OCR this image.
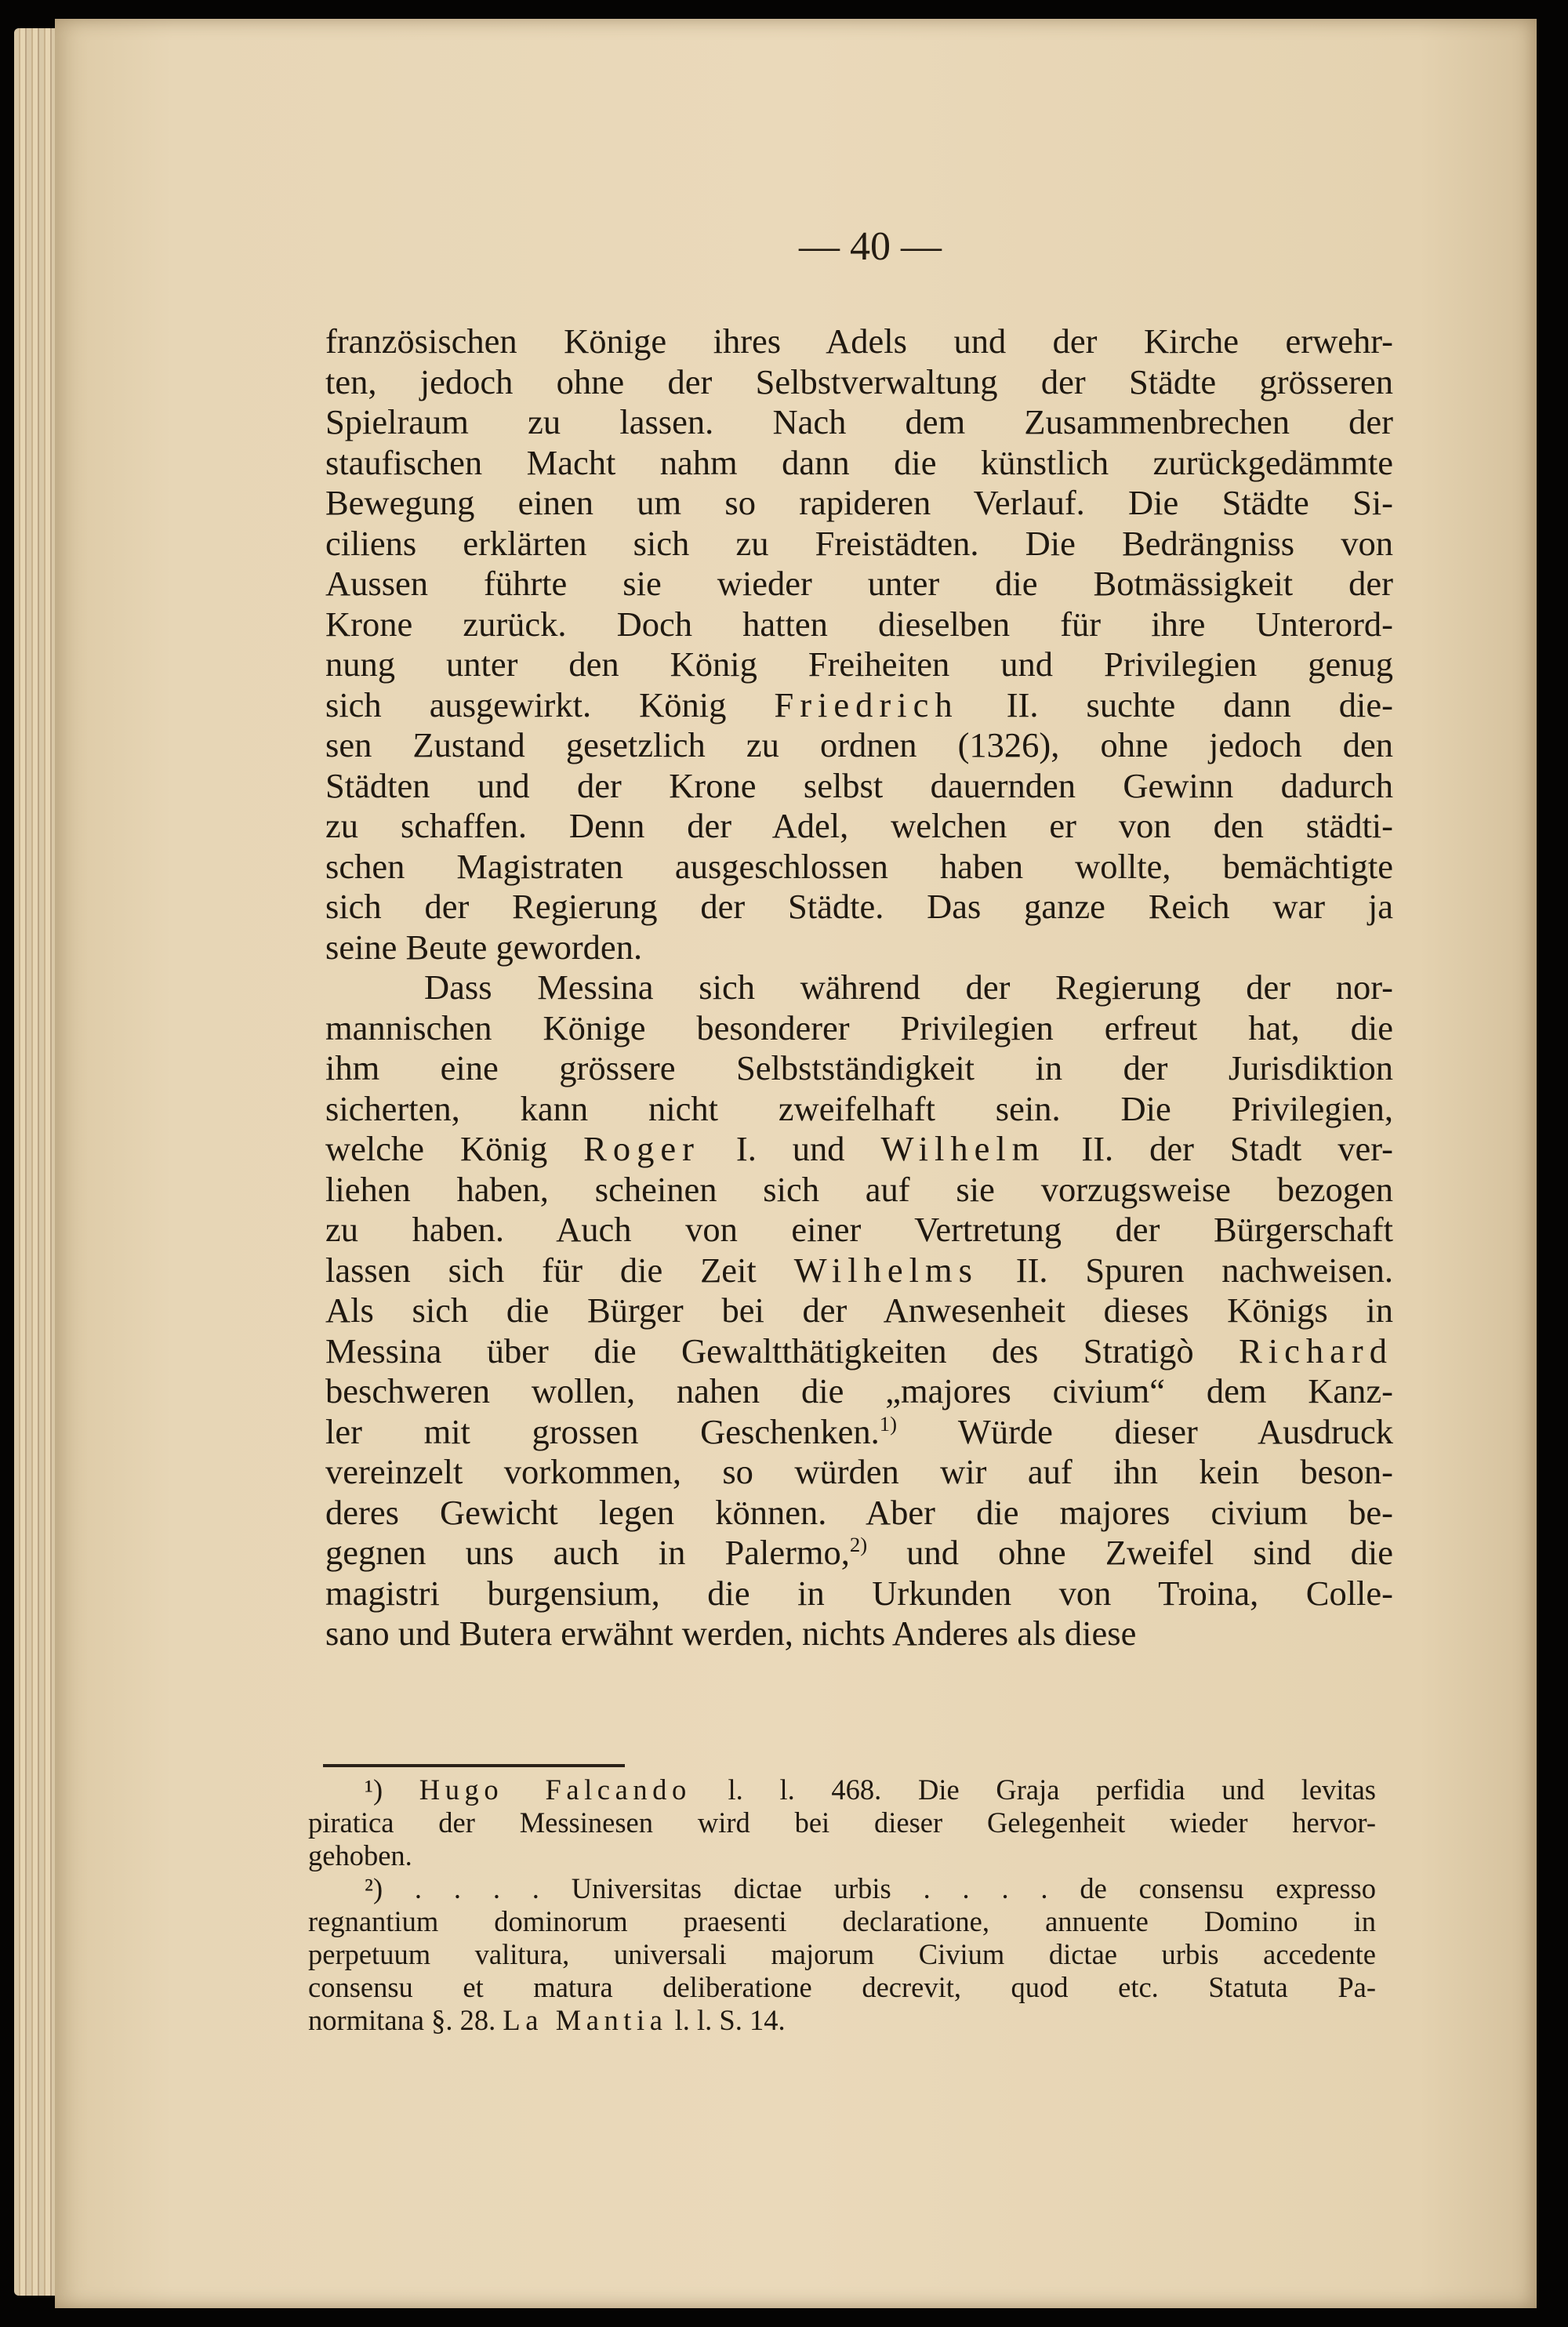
— 40 —
französischen Könige ihres Adels und der Kirche erwehr-
ten, jedoch ohne der Selbstverwaltung der Städte grösseren
Spielraum zu lassen. Nach dem Zusammenbrechen der
staufischen Macht nahm dann die künstlich zurückgedämmte
Bewegung einen um so rapideren Verlauf. Die Städte Si-
ciliens erklärten sich zu Freistädten. Die Bedrängniss von
Aussen führte sie wieder unter die Botmässigkeit der
Krone zurück. Doch hatten dieselben für ihre Unterord-
nung unter den König Freiheiten und Privilegien genug
sich ausgewirkt. König Friedrich II. suchte dann die-
sen Zustand gesetzlich zu ordnen (1326), ohne jedoch den
Städten und der Krone selbst dauernden Gewinn dadurch
zu schaffen. Denn der Adel, welchen er von den städti-
schen Magistraten ausgeschlossen haben wollte, bemächtigte
sich der Regierung der Städte. Das ganze Reich war ja
seine Beute geworden.
Dass Messina sich während der Regierung der nor-
mannischen Könige besonderer Privilegien erfreut hat, die
ihm eine grössere Selbstständigkeit in der Jurisdiktion
sicherten, kann nicht zweifelhaft sein. Die Privilegien,
welche König Roger I. und Wilhelm II. der Stadt ver-
liehen haben, scheinen sich auf sie vorzugsweise bezogen
zu haben. Auch von einer Vertretung der Bürgerschaft
lassen sich für die Zeit Wilhelms II. Spuren nachweisen.
Als sich die Bürger bei der Anwesenheit dieses Königs in
Messina über die Gewaltthätigkeiten des Stratigò Richard
beschweren wollen, nahen die „majores civium“ dem Kanz-
ler mit grossen Geschenken.$^{1)}$ Würde dieser Ausdruck
vereinzelt vorkommen, so würden wir auf ihn kein beson-
deres Gewicht legen können. Aber die majores civium be-
gegnen uns auch in Palermo,$^{2)}$ und ohne Zweifel sind die
magistri burgensium, die in Urkunden von Troina, Colle-
sano und Butera erwähnt werden, nichts Anderes als diese
¹) Hugo Falcando l. l. 468. Die Graja perfidia und levitas
piratica der Messinesen wird bei dieser Gelegenheit wieder hervor-
gehoben.
²) . . . . Universitas dictae urbis . . . . de consensu expresso
regnantium dominorum praesenti declaratione, annuente Domino in
perpetuum valitura, universali majorum Civium dictae urbis accedente
consensu et matura deliberatione decrevit, quod etc. Statuta Pa-
normitana §. 28. La Mantia l. l. S. 14.
